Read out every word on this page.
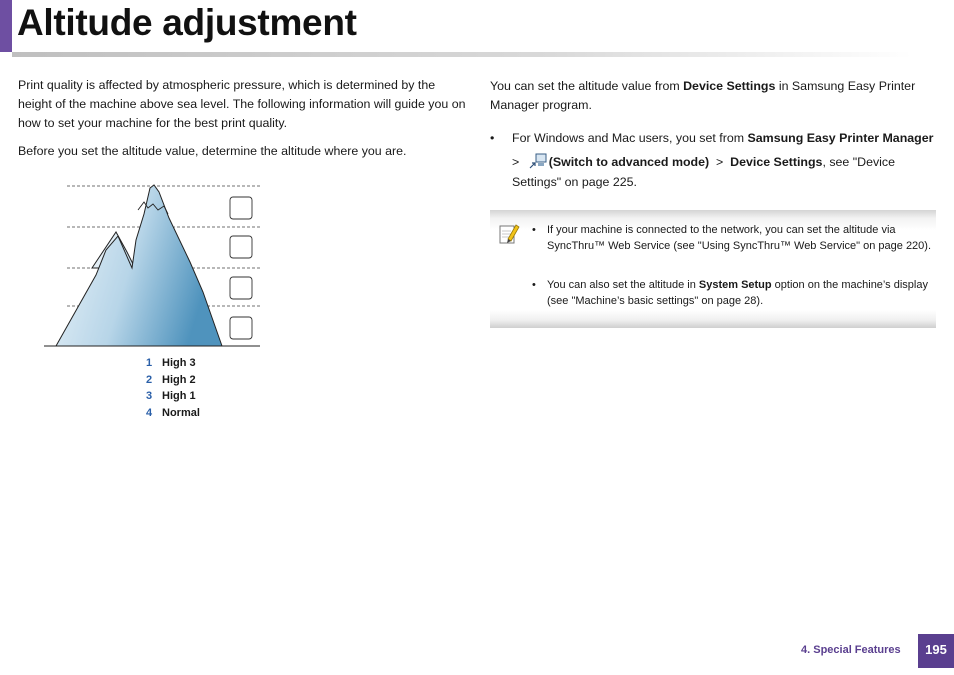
Altitude adjustment

Print quality is affected by atmospheric pressure, which is determined by the height of the machine above sea level. The following information will guide you on how to set your machine for the best print quality.

Before you set the altitude value, determine the altitude where you are.

1 High 3
2 High 2
3 High 1
4 Normal

You can set the altitude value from Device Settings in Samsung Easy Printer Manager program.

• For Windows and Mac users, you set from Samsung Easy Printer Manager
> (Switch to advanced mode) > Device Settings, see "Device
Settings" on page 225.
• If your machine is connected to the network, you can set the altitude via SyncThru™ Web Service (see "Using SyncThru™ Web Service" on page 220).
• You can also set the altitude in System Setup option on the machine’s display (see "Machine’s basic settings" on page 28).
4. Special Features	195
